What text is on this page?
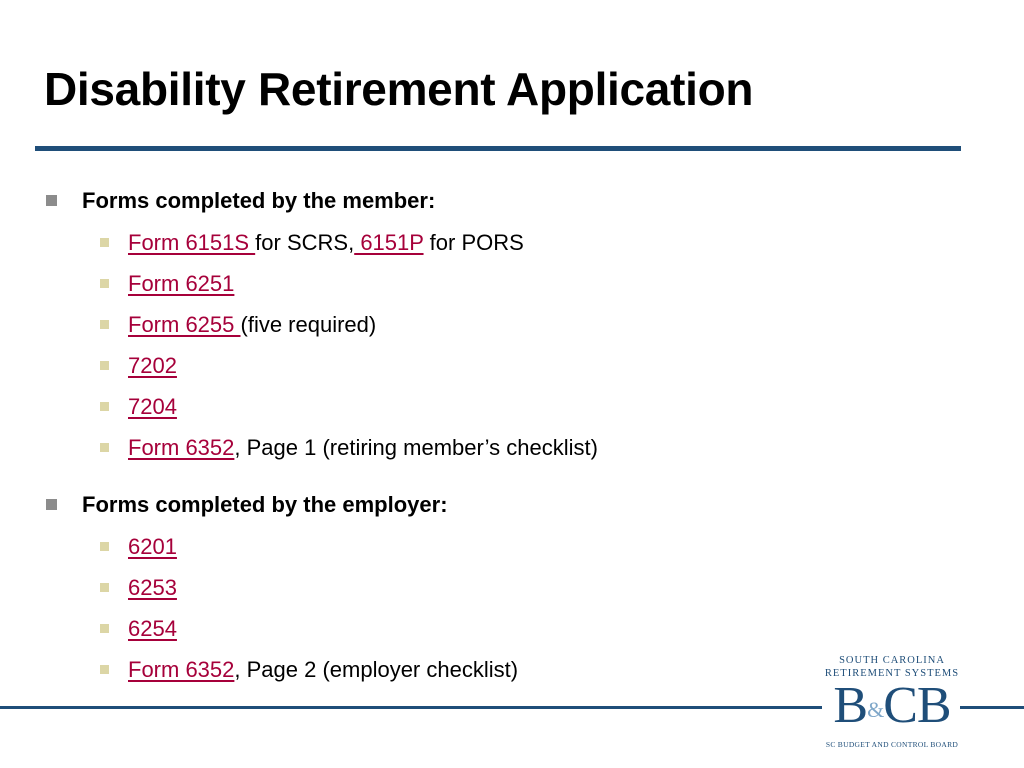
Disability Retirement Application
Forms completed by the member:
Form 6151S for SCRS, 6151P for PORS
Form 6251
Form 6255 (five required)
7202
7204
Form 6352, Page 1 (retiring member’s checklist)
Forms completed by the employer:
6201
6253
6254
Form 6352, Page 2 (employer checklist)	SOUTH CAROLINA
RETIREMENT SYSTEMS
B&CB
SC BUDGET AND CONTROL BOARD
